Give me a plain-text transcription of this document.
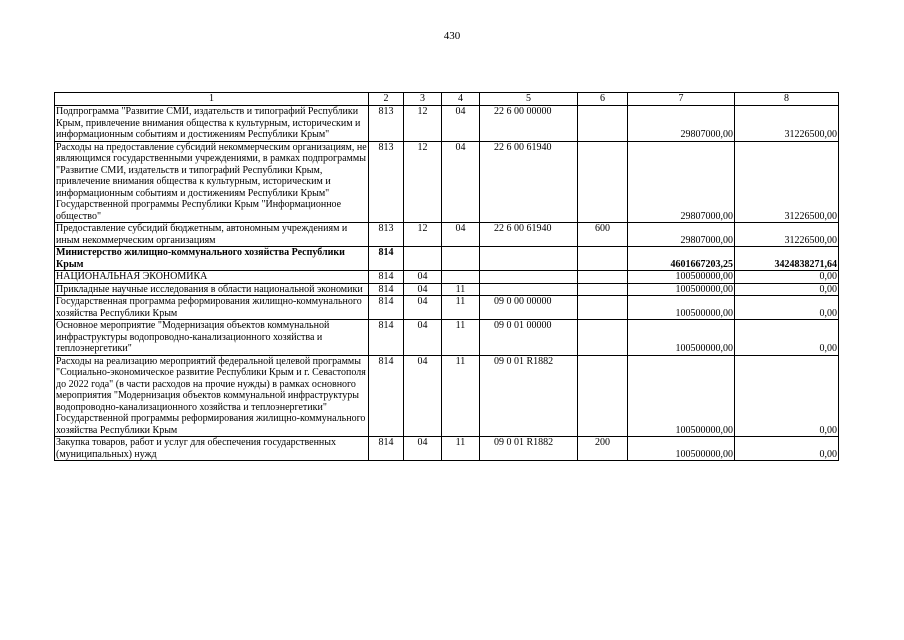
430
1	2	3	4	5	6	7	8
Подпрограмма "Развитие СМИ, издательств и типографий Республики Крым, привлечение внимания общества к культурным, историческим и информационным событиям и достижениям Республики Крым"	813	12	04	22 6 00 00000		29807000,00	31226500,00
Расходы на предоставление субсидий некоммерческим организациям, не являющимся государственными учреждениями, в рамках подпрограммы "Развитие СМИ, издательств и типографий Республики Крым, привлечение внимания общества к культурным, историческим и информационным событиям и достижениям Республики Крым" Государственной программы Республики Крым "Информационное общество"	813	12	04	22 6 00 61940		29807000,00	31226500,00
Предоставление субсидий бюджетным, автономным учреждениям и иным некоммерческим организациям	813	12	04	22 6 00 61940	600	29807000,00	31226500,00
Министерство жилищно-коммунального хозяйства Республики Крым	814					4601667203,25	3424838271,64
НАЦИОНАЛЬНАЯ ЭКОНОМИКА	814	04				100500000,00	0,00
Прикладные научные исследования в области национальной экономики	814	04	11			100500000,00	0,00
Государственная программа реформирования жилищно-коммунального хозяйства Республики Крым	814	04	11	09 0 00 00000		100500000,00	0,00
Основное мероприятие "Модернизация объектов коммунальной инфраструктуры водопроводно-канализационного хозяйства и теплоэнергетики"	814	04	11	09 0 01 00000		100500000,00	0,00
Расходы на реализацию мероприятий федеральной целевой программы "Социально-экономическое развитие Республики Крым и г. Севастополя до 2022 года" (в части расходов на прочие нужды) в рамках основного мероприятия "Модернизация объектов коммунальной инфраструктуры водопроводно-канализационного хозяйства и теплоэнергетики" Государственной программы реформирования жилищно-коммунального хозяйства Республики Крым	814	04	11	09 0 01 R1882		100500000,00	0,00
Закупка товаров, работ и услуг для обеспечения государственных (муниципальных) нужд	814	04	11	09 0 01 R1882	200	100500000,00	0,00
